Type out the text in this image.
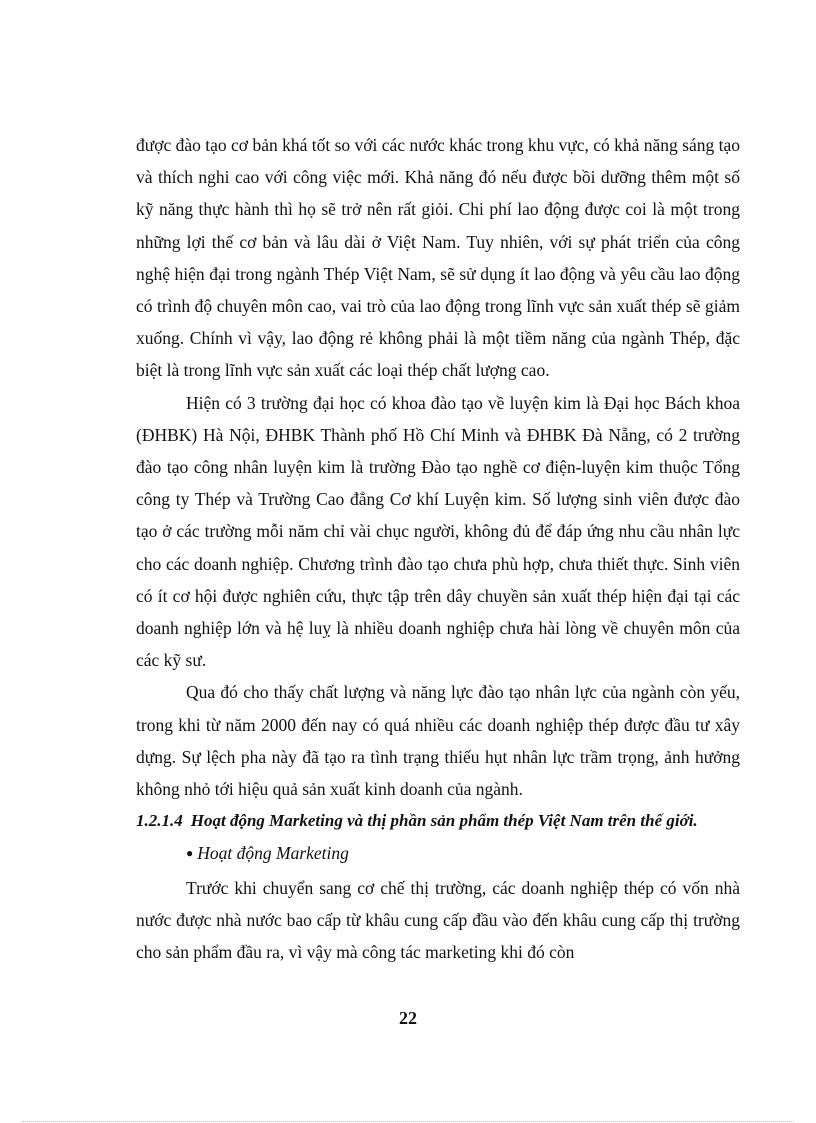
được đào tạo cơ bản khá tốt so với các nước khác trong khu vực, có khả năng sáng tạo và thích nghi cao với công việc mới. Khả năng đó nếu được bồi dưỡng thêm một số kỹ năng thực hành thì họ sẽ trở nên rất giỏi. Chi phí lao động được coi là một trong những lợi thế cơ bản và lâu dài ở Việt Nam. Tuy nhiên, với sự phát triển của công nghệ hiện đại trong ngành Thép Việt Nam, sẽ sử dụng ít lao động và yêu cầu lao động có trình độ chuyên môn cao, vai trò của lao động trong lĩnh vực sản xuất thép sẽ giảm xuống. Chính vì vậy, lao động rẻ không phải là một tiềm năng của ngành Thép, đặc biệt là trong lĩnh vực sản xuất các loại thép chất lượng cao.

Hiện có 3 trường đại học có khoa đào tạo về luyện kim là Đại học Bách khoa (ĐHBK) Hà Nội, ĐHBK Thành phố Hồ Chí Minh và ĐHBK Đà Nẵng, có 2 trường đào tạo công nhân luyện kim là trường Đào tạo nghề cơ điện-luyện kim thuộc Tổng công ty Thép và Trường Cao đẳng Cơ khí Luyện kim. Số lượng sinh viên được đào tạo ở các trường mỗi năm chỉ vài chục người, không đủ để đáp ứng nhu cầu nhân lực cho các doanh nghiệp. Chương trình đào tạo chưa phù hợp, chưa thiết thực. Sinh viên có ít cơ hội được nghiên cứu, thực tập trên dây chuyền sản xuất thép hiện đại tại các doanh nghiệp lớn và hệ luỵ là nhiều doanh nghiệp chưa hài lòng về chuyên môn của các kỹ sư.

Qua đó cho thấy chất lượng và năng lực đào tạo nhân lực của ngành còn yếu, trong khi từ năm 2000 đến nay có quá nhiều các doanh nghiệp thép được đầu tư xây dựng. Sự lệch pha này đã tạo ra tình trạng thiếu hụt nhân lực trầm trọng, ảnh hưởng không nhỏ tới hiệu quả sản xuất kinh doanh của ngành.

1.2.1.4 Hoạt động Marketing và thị phần sản phẩm thép Việt Nam trên thế giới.

● Hoạt động Marketing

Trước khi chuyển sang cơ chế thị trường, các doanh nghiệp thép có vốn nhà nước được nhà nước bao cấp từ khâu cung cấp đầu vào đến khâu cung cấp thị trường cho sản phẩm đầu ra, vì vậy mà công tác marketing khi đó còn

22
